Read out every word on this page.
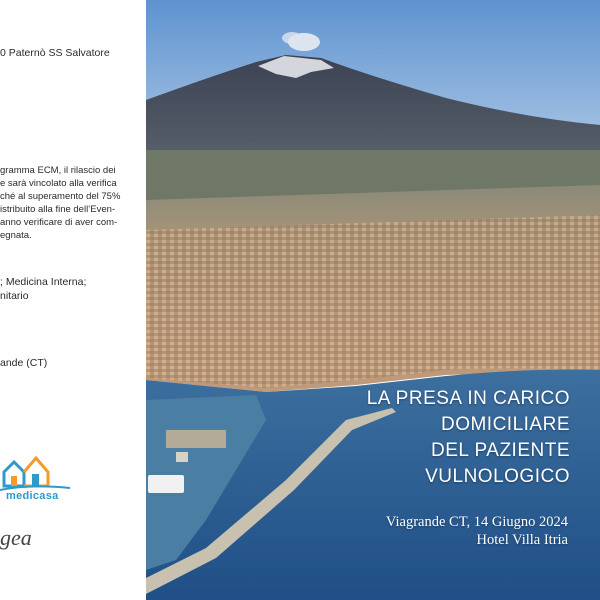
0 Paternò SS Salvatore
gramma ECM, il rilascio dei
e sarà vincolato alla verifica
ché al superamento del 75%
istribuito alla fine dell’Even-
anno verificare di aver com-
egnata.
; Medicina Interna;
nitario
ande (CT)
medicasa
gea
LA PRESA IN CARICO
DOMICILIARE
DEL PAZIENTE
VULNOLOGICO
Viagrande CT, 14 Giugno 2024
Hotel Villa Itria
